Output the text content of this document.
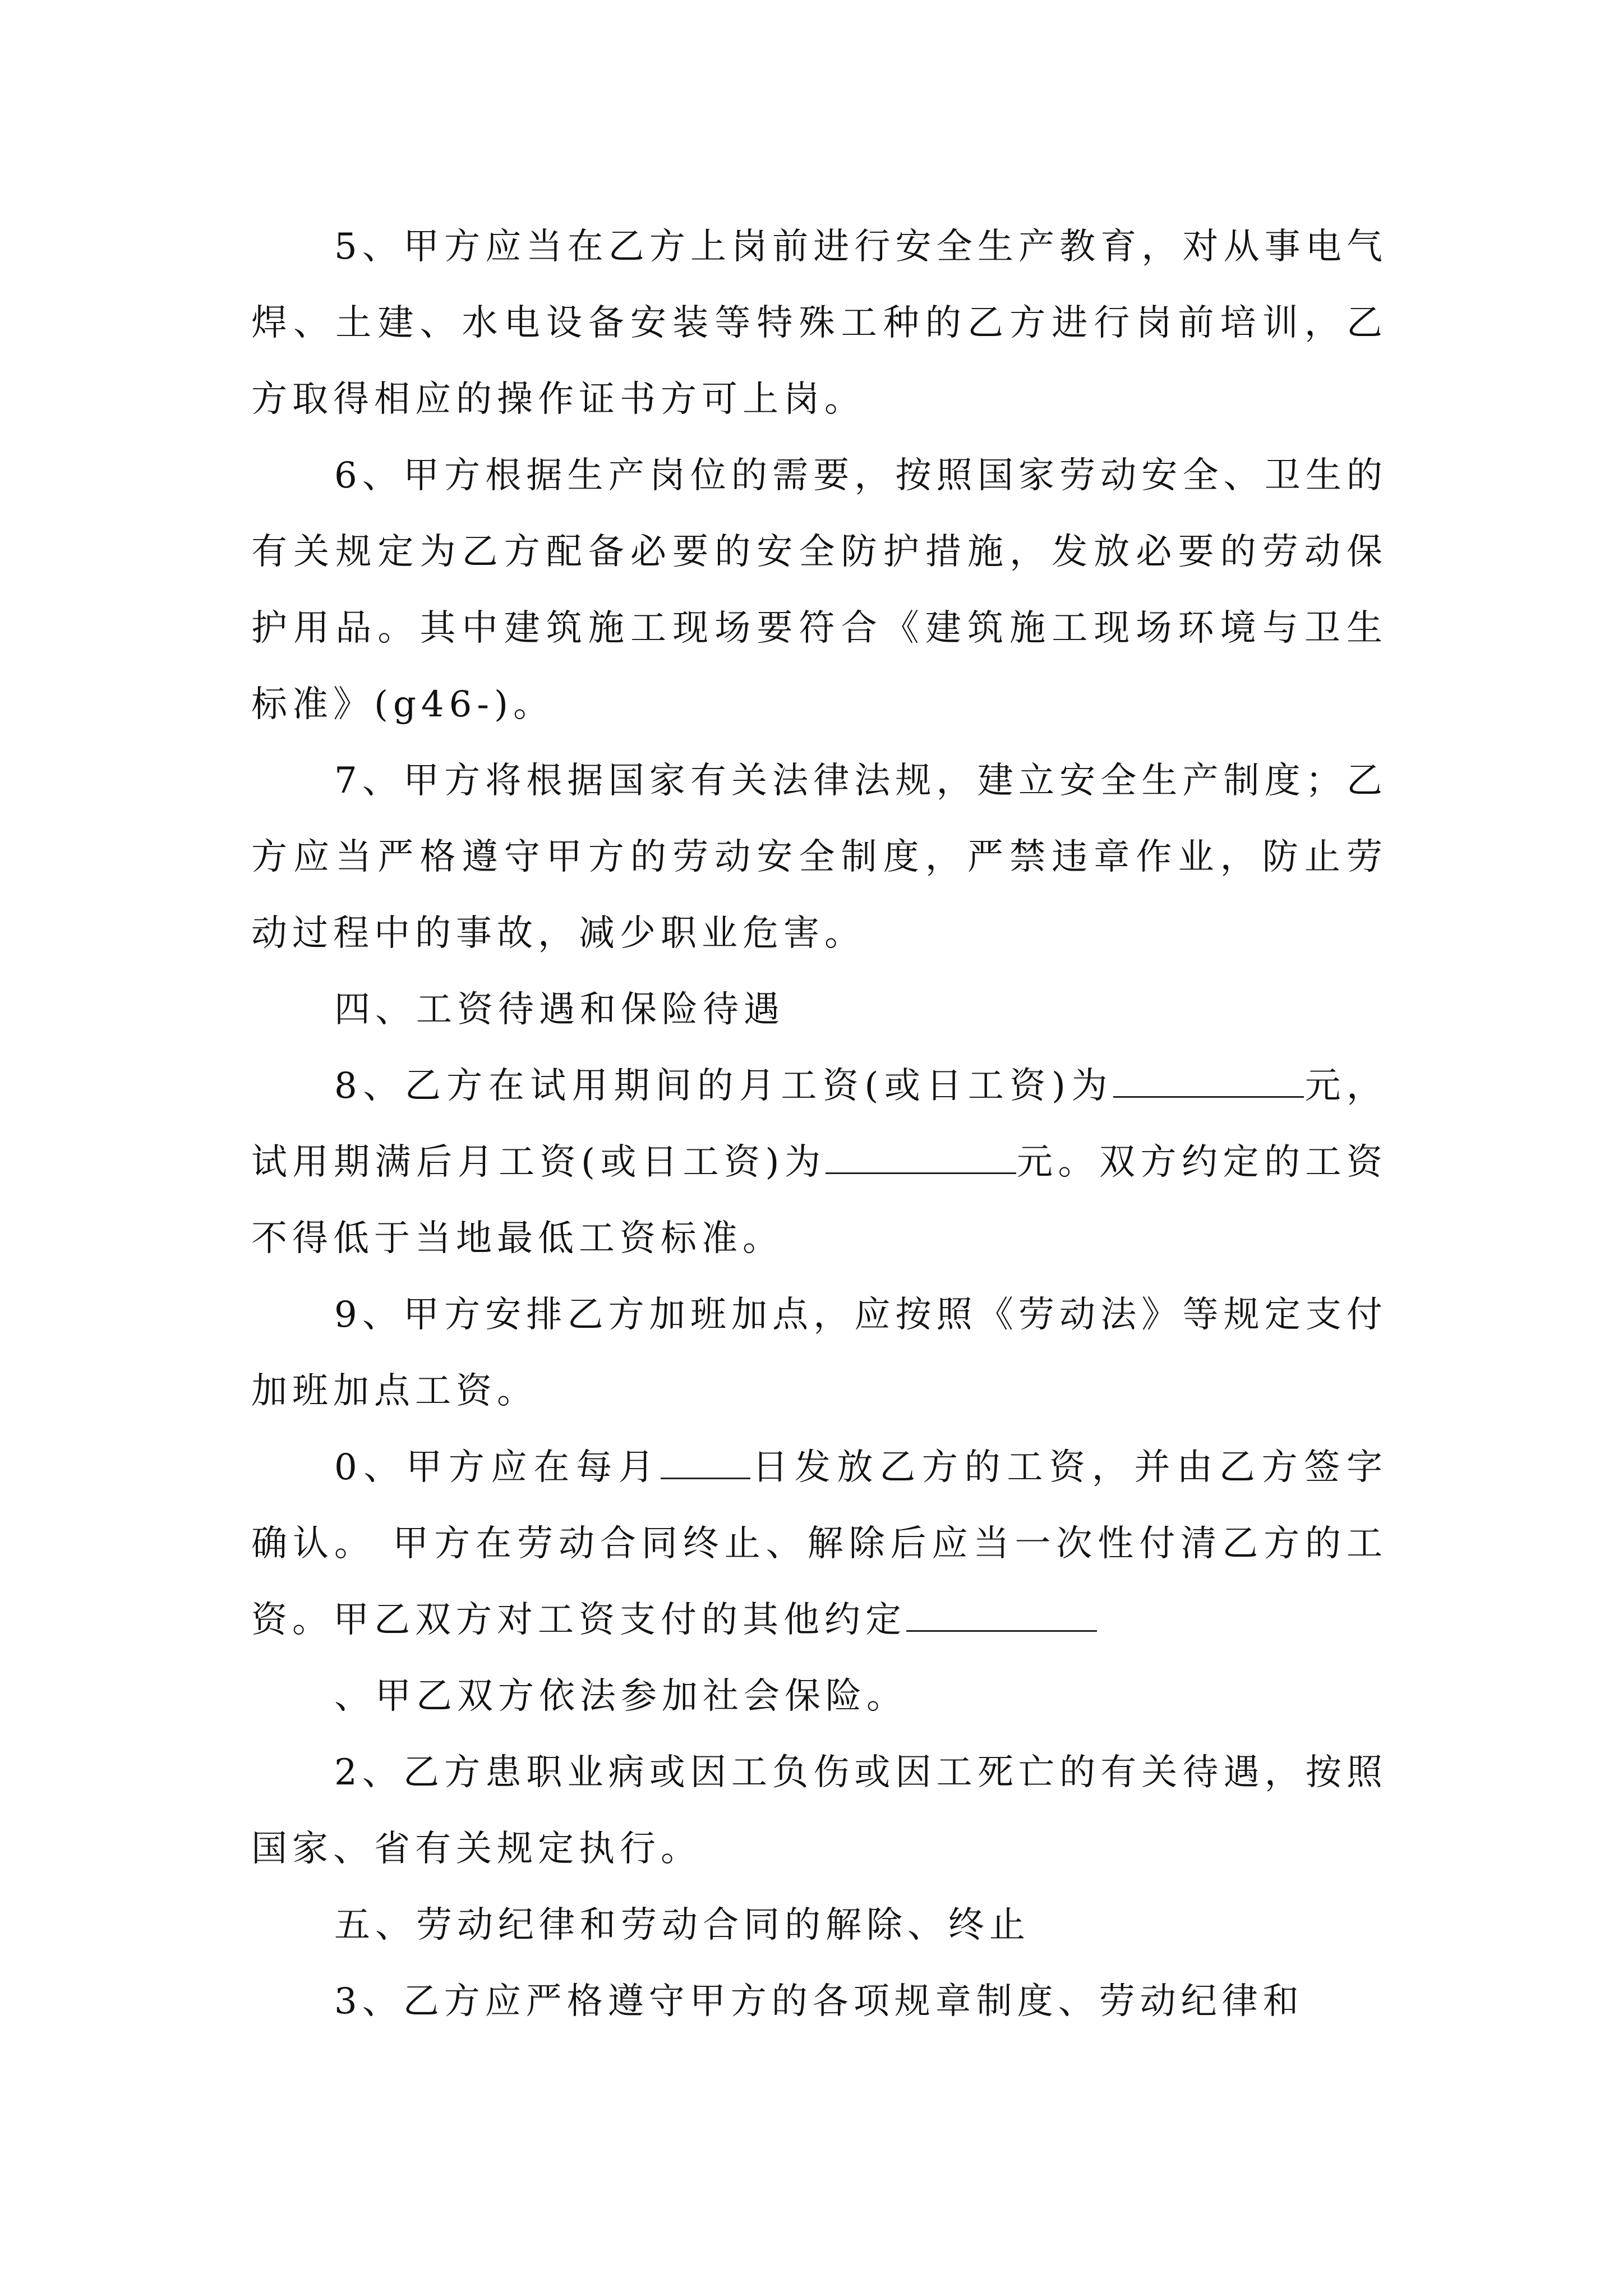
5、甲方应当在乙方上岗前进行安全生产教育，对从事电气焊、土建、水电设备安装等特殊工种的乙方进行岗前培训，乙方取得相应的操作证书方可上岗。

6、甲方根据生产岗位的需要，按照国家劳动安全、卫生的有关规定为乙方配备必要的安全防护措施，发放必要的劳动保护用品。其中建筑施工现场要符合《建筑施工现场环境与卫生标准》(g46-)。

7、甲方将根据国家有关法律法规，建立安全生产制度；乙方应当严格遵守甲方的劳动安全制度，严禁违章作业，防止劳动过程中的事故，减少职业危害。

四、工资待遇和保险待遇

8、乙方在试用期间的月工资(或日工资)为	元，试用期满后月工资(或日工资)为	元。双方约定的工资不得低于当地最低工资标准。

9、甲方安排乙方加班加点，应按照《劳动法》等规定支付加班加点工资。

0、甲方应在每月	日发放乙方的工资，并由乙方签字确认。 甲方在劳动合同终止、解除后应当一次性付清乙方的工资。甲乙双方对工资支付的其他约定

、甲乙双方依法参加社会保险。

2、乙方患职业病或因工负伤或因工死亡的有关待遇，按照国家、省有关规定执行。

五、劳动纪律和劳动合同的解除、终止

3、乙方应严格遵守甲方的各项规章制度、劳动纪律和
